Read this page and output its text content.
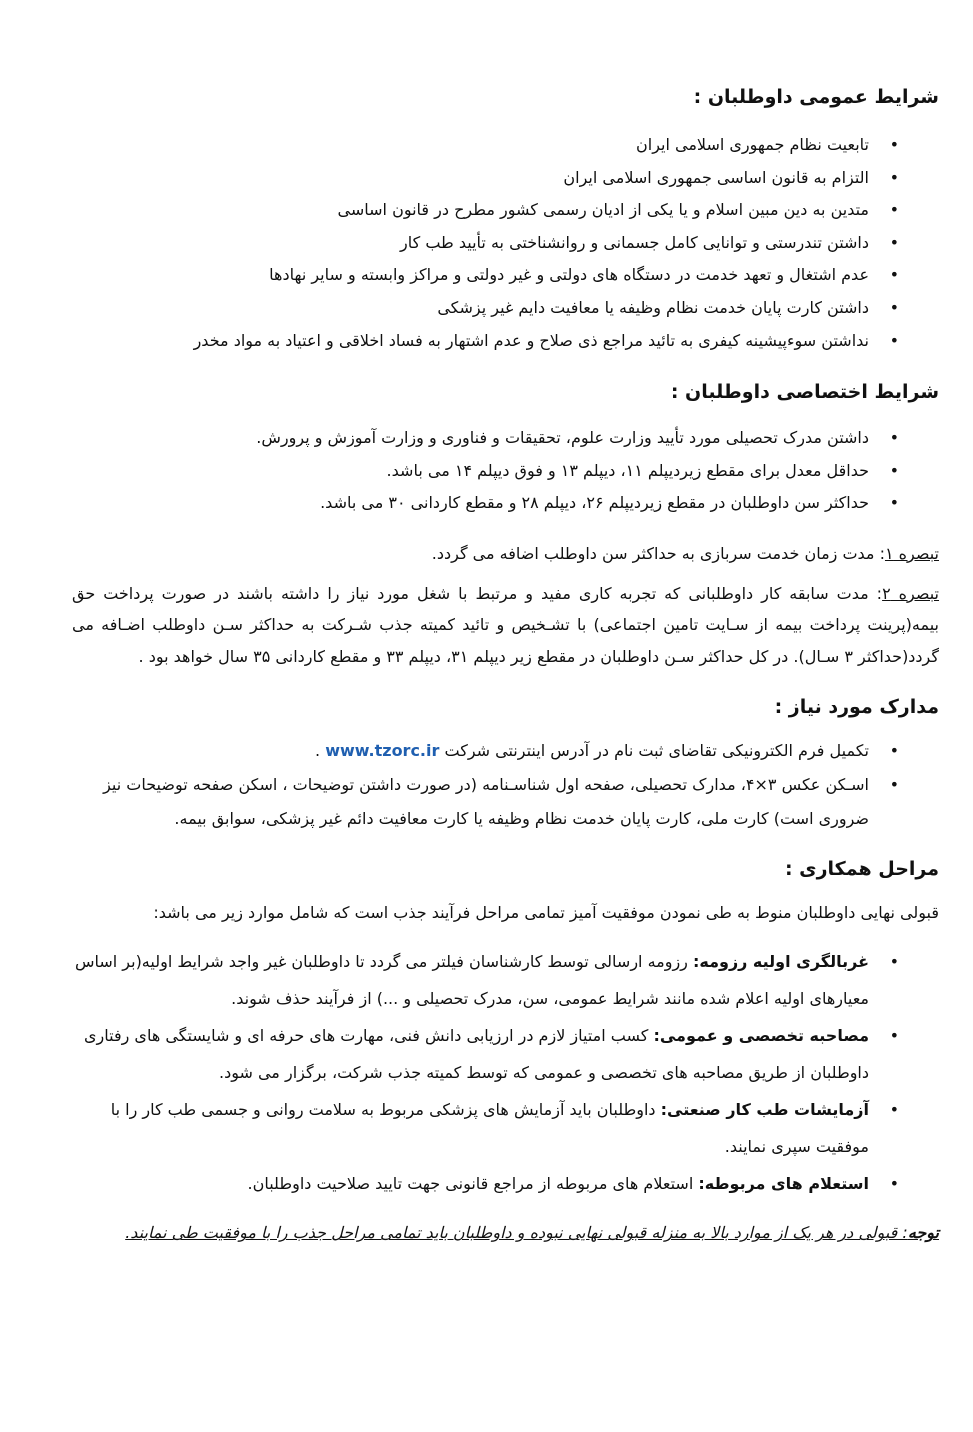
شرایط عمومی داوطلبان :
• تابعیت نظام جمهوری اسلامی ایران
• التزام به قانون اساسی جمهوری اسلامی ایران
• متدین به دین مبین اسلام و یا یکی از ادیان رسمی کشور مطرح در قانون اساسی
• داشتن تندرستی و توانایی کامل جسمانی و روانشناختی به تأیید طب کار
• عدم اشتغال و تعهد خدمت در دستگاه های دولتی و غیر دولتی و مراکز وابسته و سایر نهادها
• داشتن کارت پایان خدمت نظام وظیفه یا معافیت دایم غیر پزشکی
• نداشتن سوءپیشینه کیفری به تائید مراجع ذی صلاح و عدم اشتهار به فساد اخلاقی و اعتیاد به مواد مخدر
شرایط اختصاصی داوطلبان :
• داشتن مدرک تحصیلی مورد تأیید وزارت علوم، تحقیقات و فناوری و وزارت آموزش و پرورش.
• حداقل معدل برای مقطع زیردیپلم ۱۱، دیپلم ۱۳ و فوق دیپلم ۱۴ می باشد.
• حداکثر سن داوطلبان در مقطع زیردیپلم ۲۶، دیپلم ۲۸ و مقطع کاردانی ۳۰ می باشد.

تبصره ۱: مدت زمان خدمت سربازی به حداکثر سن داوطلب اضافه می گردد.

تبصره ۲: مدت سابقه کار داوطلبانی که تجربه کاری مفید و مرتبط با شغل مورد نیاز را داشته باشند در صورت پرداخت حق بیمه(پرینت پرداخت بیمه از سـایت تامین اجتماعی) با تشـخیص و تائید کمیته جذب شـرکت به حداکثر سـن داوطلب اضـافه می گردد(حداکثر ۳ سـال). در کل حداکثر سـن داوطلبان در مقطع زیر دیپلم ۳۱، دیپلم ۳۳ و مقطع کاردانی ۳۵ سال خواهد بود .

مدارک مورد نیاز :
• تکمیل فرم الکترونیکی تقاضای ثبت نام در آدرس اینترنتی شرکت www.tzorc.ir .
• اسـکن عکس ۳×۴، مدارک تحصیلی، صفحه اول شناسـنامه (در صورت داشتن توضیحات ، اسکن صفحه توضیحات نیز ضروری است) کارت ملی، کارت پایان خدمت نظام وظیفه یا کارت معافیت دائم غیر پزشکی، سوابق بیمه.
مراحل همکاری :

قبولی نهایی داوطلبان منوط به طی نمودن موفقیت آمیز تمامی مراحل فرآیند جذب است که شامل موارد زیر می باشد:

• غربالگری اولیه رزومه: رزومه ارسالی توسط کارشناسان فیلتر می گردد تا داوطلبان غیر واجد شرایط اولیه(بر اساس معیارهای اولیه اعلام شده مانند شرایط عمومی، سن، مدرک تحصیلی و ...) از فرآیند حذف شوند.
• مصاحبه تخصصی و عمومی: کسب امتیاز لازم در ارزیابی دانش فنی، مهارت های حرفه ای و شایستگی های رفتاری داوطلبان از طریق مصاحبه های تخصصی و عمومی که توسط کمیته جذب شرکت، برگزار می شود.
• آزمایشات طب کار صنعتی: داوطلبان باید آزمایش های پزشکی مربوط به سلامت روانی و جسمی طب کار را با موفقیت سپری نمایند.
• استعلام های مربوطه: استعلام های مربوطه از مراجع قانونی جهت تایید صلاحیت داوطلبان.

توجه: قبولی در هر یک از موارد بالا به منزله قبولی نهایی نبوده و داوطلبان باید تمامی مراحل جذب را با موفقیت طی نمایند.
